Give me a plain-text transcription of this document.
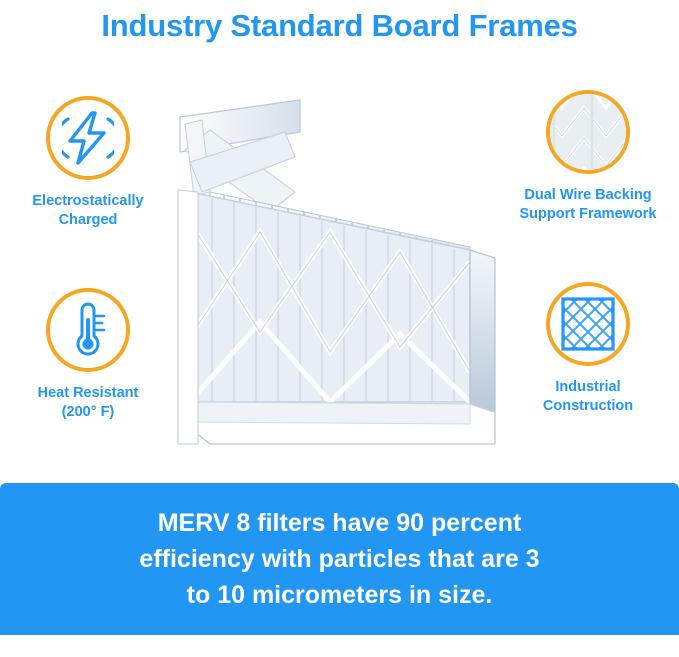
Industry Standard Board Frames
Electrostatically
Charged
Heat Resistant
(200° F)
Dual Wire Backing
Support Framework
Industrial
Construction
MERV 8 filters have 90 percent
efficiency with particles that are 3
to 10 micrometers in size.
